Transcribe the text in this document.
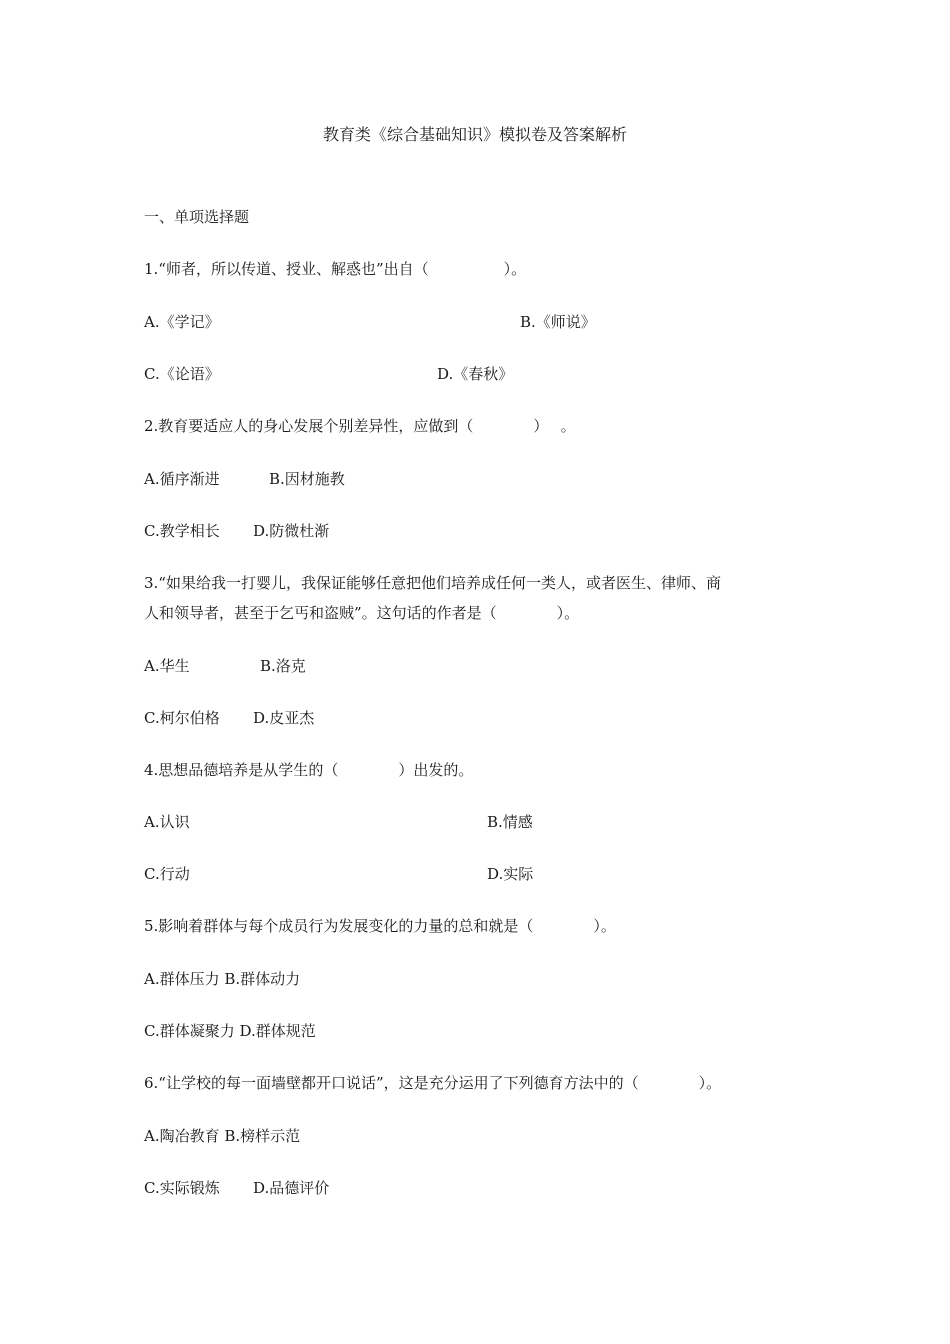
教育类《综合基础知识》模拟卷及答案解析
一、单项选择题
1.“师者，所以传道、授业、解惑也”出自（　　　　　）。
A.《学记》	B.《师说》
C.《论语》	D.《春秋》
2.教育要适应人的身心发展个别差异性，应做到（　　　　）　 。
A.循序渐进	B.因材施教
C.教学相长 D.防微杜渐
3.“如果给我一打婴儿，我保证能够任意把他们培养成任何一类人，或者医生、律师、商
人和领导者，甚至于乞丐和盗贼”。这句话的作者是（　　　　）。
A.华生	B.洛克
C.柯尔伯格 D.皮亚杰
4.思想品德培养是从学生的（　　　　）出发的。
A.认识	B.情感
C.行动	D.实际
5.影响着群体与每个成员行为发展变化的力量的总和就是（　　　　）。
A.群体压力 B.群体动力
C.群体凝聚力 D.群体规范
6.“让学校的每一面墙壁都开口说话”，这是充分运用了下列德育方法中的（　　　　）。
A.陶冶教育 B.榜样示范
C.实际锻炼 D.品德评价
